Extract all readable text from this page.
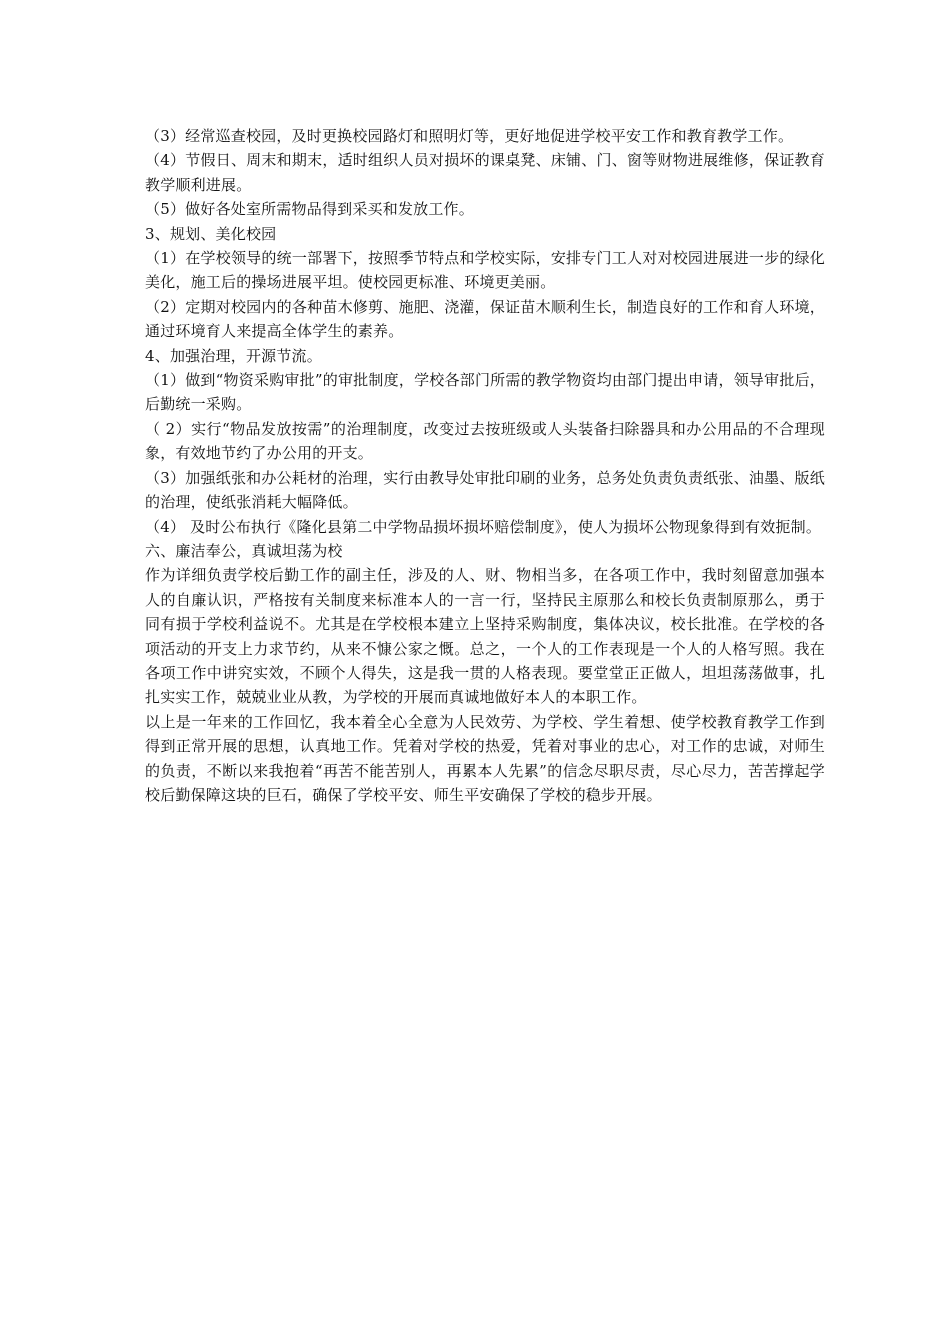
（3）经常巡查校园，及时更换校园路灯和照明灯等，更好地促进学校平安工作和教育教学工作。

（4）节假日、周末和期末，适时组织人员对损坏的课桌凳、床铺、门、窗等财物进展维修，保证教育教学顺利进展。

（5）做好各处室所需物品得到采买和发放工作。

3、规划、美化校园

（1）在学校领导的统一部署下，按照季节特点和学校实际，安排专门工人对对校园进展进一步的绿化美化，施工后的操场进展平坦。使校园更标准、环境更美丽。

（2）定期对校园内的各种苗木修剪、施肥、浇灌，保证苗木顺利生长，制造良好的工作和育人环境，通过环境育人来提高全体学生的素养。

4、加强治理，开源节流。

（1）做到“物资采购审批”的审批制度，学校各部门所需的教学物资均由部门提出申请，领导审批后，后勤统一采购。

（ 2）实行“物品发放按需”的治理制度，改变过去按班级或人头装备扫除器具和办公用品的不合理现象，有效地节约了办公用的开支。

（3）加强纸张和办公耗材的治理，实行由教导处审批印刷的业务，总务处负责负责纸张、油墨、版纸的治理，使纸张消耗大幅降低。

（4） 及时公布执行《隆化县第二中学物品损坏损坏赔偿制度》，使人为损坏公物现象得到有效扼制。

六、廉洁奉公，真诚坦荡为校

作为详细负责学校后勤工作的副主任，涉及的人、财、物相当多，在各项工作中，我时刻留意加强本人的自廉认识，严格按有关制度来标准本人的一言一行，坚持民主原那么和校长负责制原那么，勇于同有损于学校利益说不。尤其是在学校根本建立上坚持采购制度，集体决议，校长批准。在学校的各项活动的开支上力求节约，从来不慷公家之慨。总之，一个人的工作表现是一个人的人格写照。我在各项工作中讲究实效，不顾个人得失，这是我一贯的人格表现。要堂堂正正做人，坦坦荡荡做事，扎扎实实工作，兢兢业业从教，为学校的开展而真诚地做好本人的本职工作。

以上是一年来的工作回忆，我本着全心全意为人民效劳、为学校、学生着想、使学校教育教学工作到得到正常开展的思想，认真地工作。凭着对学校的热爱，凭着对事业的忠心，对工作的忠诚，对师生的负责，不断以来我抱着“再苦不能苦别人，再累本人先累”的信念尽职尽责，尽心尽力，苦苦撑起学校后勤保障这块的巨石，确保了学校平安、师生平安确保了学校的稳步开展。
